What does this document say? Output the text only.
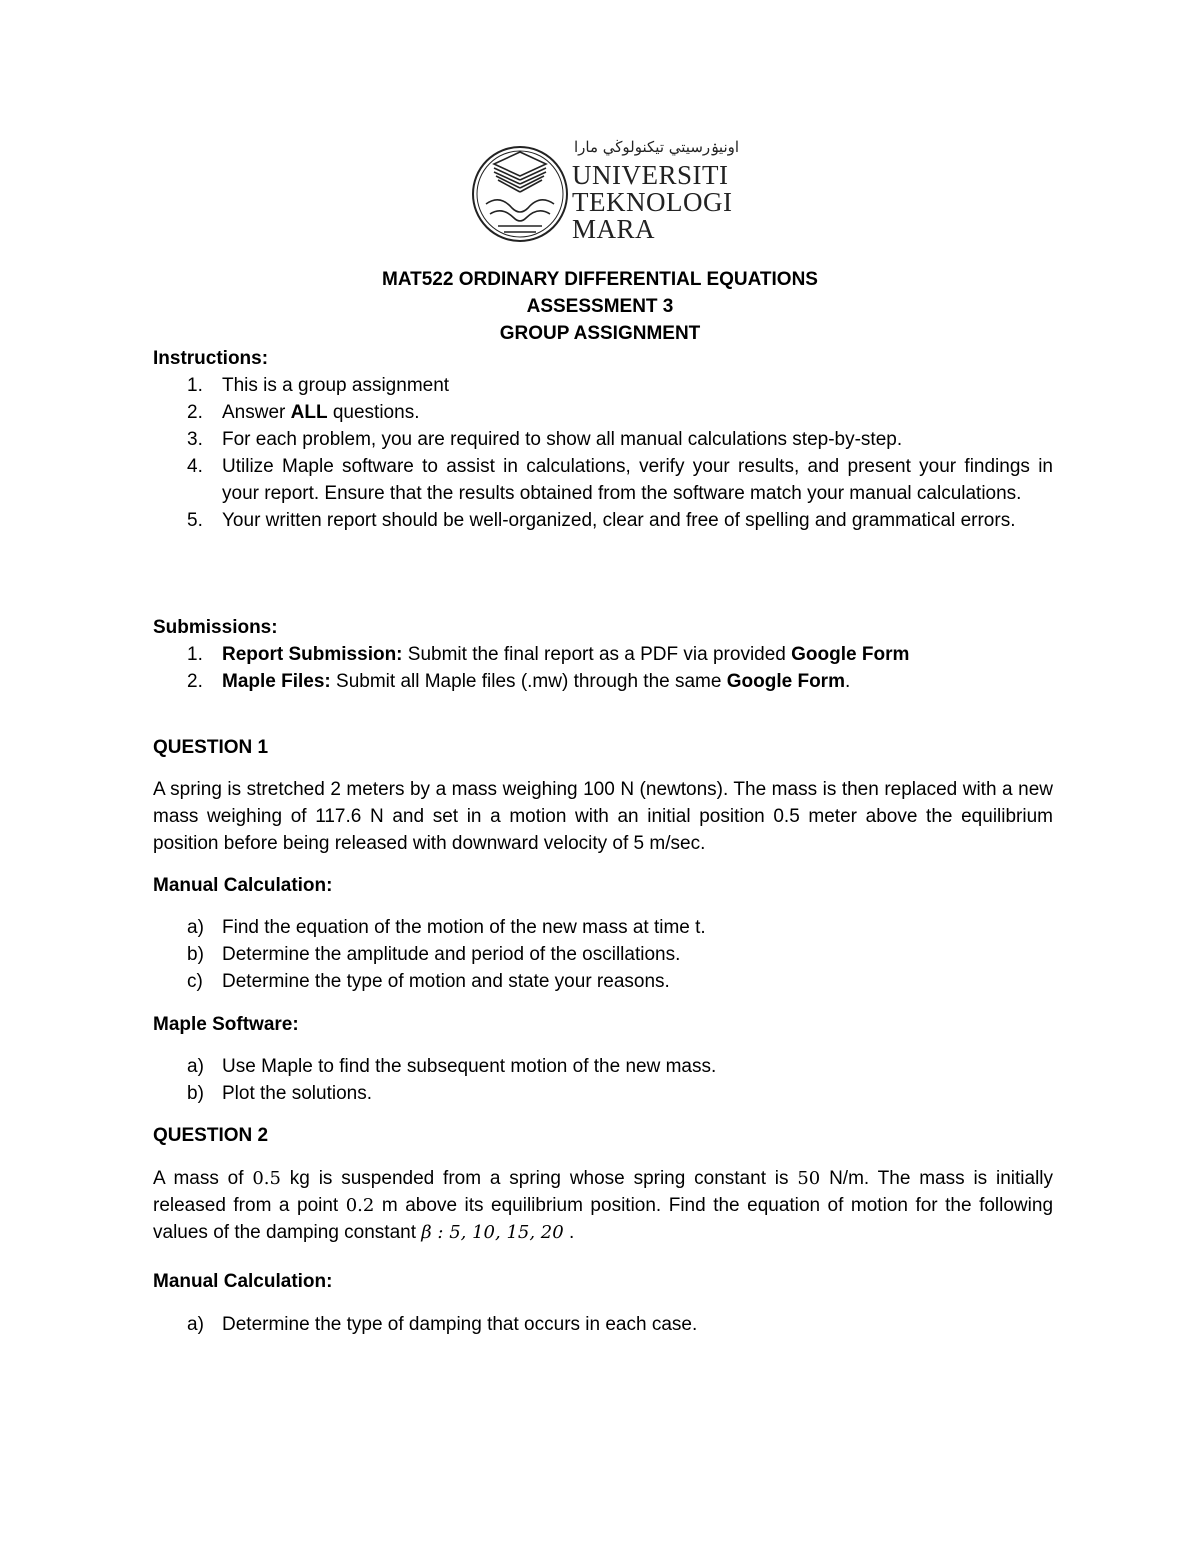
اونيۏرسيتي تيکنولوڬي مارا
UNIVERSITI
TEKNOLOGI
MARA
MAT522 ORDINARY DIFFERENTIAL EQUATIONS
ASSESSMENT 3
GROUP ASSIGNMENT
Instructions:
1. This is a group assignment
2. Answer ALL questions.
3. For each problem, you are required to show all manual calculations step-by-step.
4. Utilize Maple software to assist in calculations, verify your results, and present your findings in your report. Ensure that the results obtained from the software match your manual calculations.
5. Your written report should be well-organized, clear and free of spelling and grammatical errors.
Submissions:
1. Report Submission: Submit the final report as a PDF via provided Google Form
2. Maple Files: Submit all Maple files (.mw) through the same Google Form.
QUESTION 1
A spring is stretched 2 meters by a mass weighing 100 N (newtons). The mass is then replaced with a new mass weighing of 117.6 N and set in a motion with an initial position 0.5 meter above the equilibrium position before being released with downward velocity of 5 m/sec.
Manual Calculation:
a) Find the equation of the motion of the new mass at time t.
b) Determine the amplitude and period of the oscillations.
c) Determine the type of motion and state your reasons.
Maple Software:
a) Use Maple to find the subsequent motion of the new mass.
b) Plot the solutions.
QUESTION 2
A mass of 0.5 kg is suspended from a spring whose spring constant is 50 N/m. The mass is initially released from a point 0.2 m above its equilibrium position. Find the equation of motion for the following values of the damping constant β : 5, 10, 15, 20 .
Manual Calculation:
a) Determine the type of damping that occurs in each case.
